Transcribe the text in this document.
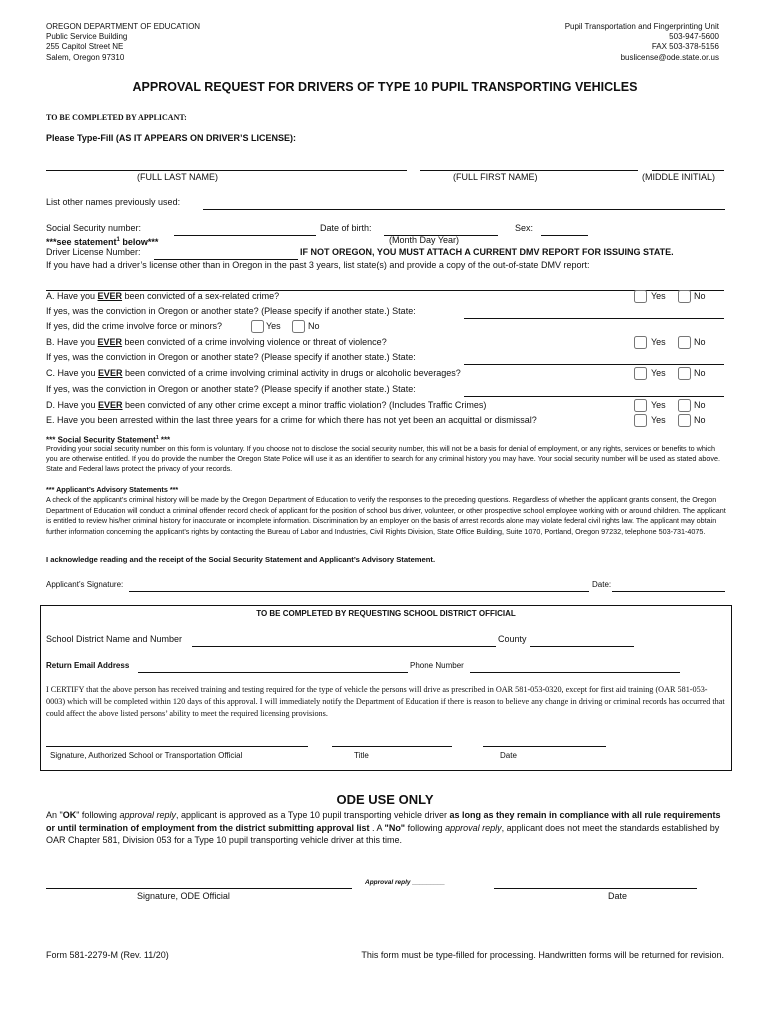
OREGON DEPARTMENT OF EDUCATION
Public Service Building
255 Capitol Street NE
Salem, Oregon 97310
Pupil Transportation and Fingerprinting Unit
503-947-5600
FAX 503-378-5156
buslicense@ode.state.or.us
APPROVAL REQUEST FOR DRIVERS OF TYPE 10 PUPIL TRANSPORTING VEHICLES
TO BE COMPLETED BY APPLICANT:
Please Type-Fill (AS IT APPEARS ON DRIVER’S LICENSE):
(FULL LAST NAME)	(FULL FIRST NAME)	(MIDDLE INITIAL)
List other names previously used:
Social Security number:	Date of birth:	Sex:
***see statement$^1$ below***	(Month Day Year)
Driver License Number:	IF NOT OREGON, YOU MUST ATTACH A CURRENT DMV REPORT FOR ISSUING STATE.
If you have had a driver’s license other than in Oregon in the past 3 years, list state(s) and provide a copy of the out-of-state DMV report:
A. Have you EVER been convicted of a sex-related crime?	Yes	No
If yes, was the conviction in Oregon or another state? (Please specify if another state.) State:
If yes, did the crime involve force or minors?	Yes	No
B. Have you EVER been convicted of a crime involving violence or threat of violence?	Yes	No
If yes, was the conviction in Oregon or another state? (Please specify if another state.) State:
C. Have you EVER been convicted of a crime involving criminal activity in drugs or alcoholic beverages?	Yes	No
If yes, was the conviction in Oregon or another state? (Please specify if another state.) State:
D. Have you EVER been convicted of any other crime except a minor traffic violation? (Includes Traffic Crimes)	Yes	No
E. Have you been arrested within the last three years for a crime for which there has not yet been an acquittal or dismissal?	Yes	No
*** Social Security Statement$^1$ ***
Providing your social security number on this form is voluntary. If you choose not to disclose the social security number, this will not be a basis for denial of employment, or any rights, services or benefits to which you are otherwise entitled. If you do provide the number the Oregon State Police will use it as an identifier to search for any criminal history you may have. Your social security number will be used as stated above. State and Federal laws protect the privacy of your records.
*** Applicant’s Advisory Statements ***
A check of the applicant’s criminal history will be made by the Oregon Department of Education to verify the responses to the preceding questions. Regardless of whether the applicant grants consent, the Oregon Department of Education will conduct a criminal offender record check of applicant for the position of school bus driver, volunteer, or other prospective school employee working with or around children. The applicant is entitled to review his/her criminal history for inaccurate or incomplete information. Discrimination by an employer on the basis of arrest records alone may violate federal civil rights law. The applicant may obtain further information concerning the applicant’s rights by contacting the Bureau of Labor and Industries, Civil Rights Division, State Office Building, Suite 1070, Portland, Oregon 97232, telephone 503-731-4075.
I acknowledge reading and the receipt of the Social Security Statement and Applicant’s Advisory Statement.
Applicant’s Signature:	Date:
TO BE COMPLETED BY REQUESTING SCHOOL DISTRICT OFFICIAL
School District Name and Number	County
Return Email Address	Phone Number
I CERTIFY that the above person has received training and testing required for the type of vehicle the persons will drive as prescribed in OAR 581-053-0320, except for first aid training (OAR 581-053-0003) which will be completed within 120 days of this approval. I will immediately notify the Department of Education if there is reason to believe any change in driving or criminal records has occurred that could affect the above listed persons’ ability to meet the required licensing provisions.
Signature, Authorized School or Transportation Official	Title	Date
ODE USE ONLY
An "OK" following approval reply, applicant is approved as a Type 10 pupil transporting vehicle driver as long as they remain in compliance with all rule requirements or until termination of employment from the district submitting approval list . A "No" following approval reply, applicant does not meet the standards established by OAR Chapter 581, Division 053 for a Type 10 pupil transporting vehicle driver at this time.
Approval reply _________
Signature, ODE Official	Date
Form 581-2279-M (Rev. 11/20)	This form must be type-filled for processing. Handwritten forms will be returned for revision.
